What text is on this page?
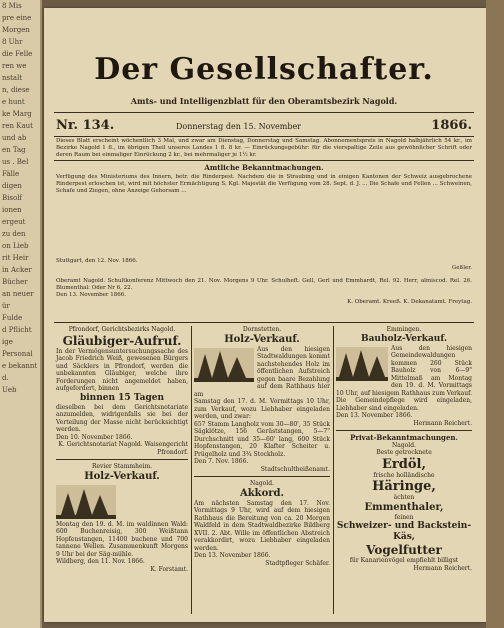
8 Mis
pre eine
Morgen
8 Uhr
die Felle
ren we
nstalt
n, diese
e hunt
ke Marg
ren Kaut
und ab
en Tag
us . Bel
Fälle
digen
Bisolf
ionen
ergeut
zu den
on Lieb
rit Heir
in Acker
Bücher
an neuer
ür
Fulde
d Pflicht
ige
Personal
e bekannt
d.
Ueb
Der Gesellschafter.
Amts- und Intelligenzblatt für den Oberamtsbezirk Nagold.
Nr. 134.	Donnerstag den 15. November	1866.
Dieses Blatt erscheint wöchentlich 3 Mal, und zwar am Dienstag, Donnerstag und Samstag. Abonnementspreis in Nagold halbjährlich 54 kr., im Bezirke Nagold 1 fl., im übrigen Theil unseres Landes 1 fl. 8 kr. — Einrückungsgebühr: für die vierspaltige Zeile aus gewöhnlicher Schrift oder deren Raum bei einmaliger Einrückung 2 kr., bei mehrmaliger je 1½ kr.
Amtliche Bekanntmachungen.
Verfügung des Ministeriums des Innern, betr. die Rinderpest. Nachdem die in Straubing und in einigen Kantonen der Schweiz ausgebrochene Rinderpest erloschen ist, wird mit höchster Ermächtigung S. Kgl. Majestät die Verfügung vom 28. Sept. d. J. ... Die Schafe und Fellen ... Schweinen, Schafe und Ziegen, ohne Anzeige Gehorsam ...
Stuttgart, den 12. Nov. 1866.
Geßler.
Oberamt Nagold. Schultkonferenz Mittwoch den 21. Nov. Morgens 9 Uhr. Schulheft. Gell, Gerl und Emmhardt, Rel. 92. Herr, almiscod. Rel. 26. Blumenthal: Oder Nr 6, 22.
Den 13. November 1866.
K. Oberamt. Kreeß. K. Dekanatamt. Freytag.
Pfrondorf, Gerichtsbezirks Nagold.
Gläubiger-Aufruf.
In der Vermögensuntersuchungssache des Jacob Friedrich Weiß, gewesenen Bürgers und Säcklers in Pfrondorf, werden die unbekannten Gläubiger, welche ihre Forderungen nicht angemeldet haben, aufgefordert, binnen
binnen 15 Tagen
dieselben bei dem Gerichtsnotariate anzumelden, widrigenfalls sie bei der Verteilung der Masse nicht berücksichtigt werden.
Den 10. November 1866.
K. Gerichtsnotariat Nagold. Waisengericht Pfrondorf.
Revier Stammheim.
Holz-Verkauf.
Montag den 19. d. M. im waldinnen Wald: 600 Buchenreisig, 300 Weißtann Hopfenstangen, 11400 buchene und 700 tannene Wellen. Zusammenkunft Morgens 9 Uhr bei der Säg-mühle.
Wildberg, den 11. Nov. 1866.
K. Forstamt.
Dornstetten.
Holz-Verkauf.
Aus den hiesigen Stadtwaldungen kommt nachstehendes Holz im öffentlichen Aufstreich gegen baare Bezahlung auf dem Rathhaus hier am
Samstag den 17. d. M. Vormittags 10 Uhr, zum Verkauf, wozu Liebhaber eingeladen werden, und zwar:
657 Stamm Langholz vom 30—80', 35 Stück Sägklötze, 156 Gerüststangen, 5—7" Durchschnitt und 35—60' lang, 600 Stück Hopfenstangen, 20 Klafter Scheiter u. Prügelholz und 3¾ Stockholz.
Den 7. Nov. 1866.
Stadtschultheißenamt.
Nagold.
Akkord.
Am nächsten Samstag den 17. Nov. Vormittags 9 Uhr, wird auf dem hiesigen Rathhaus die Bereitung von ca. 20 Morgen Waldfeld in dem Stadtwaldbezirke Bildberg XVII. 2. Abt. Wille im öffentlichen Abstreich verakkordirt, wozu Liebhaber eingeladen werden.
Den 13. November 1866.
Stadtpfleger Schäfer.
Emmingen.
Bauholz-Verkauf.
Aus den hiesigen Gemeindewaldungen kommen 260 Stück Bauholz von 6—9" Mittelmaß am Montag den 19. d. M. Vormittags 10 Uhr, auf hiesigem Rathhaus zum Verkauf. Die Gemeindepflege wird eingeladen, Liebhaber sind eingeladen.
Den 13. November 1866.
Hermann Reichert.
Privat-Bekanntmachungen.
Nagold.
Beste getrocknete
Erdöl,
frische holländische
Häringe,
ächten
Emmenthaler,
feinen
Schweizer- und Backstein-Käs,
Vogelfutter
für Kanarienvögel empfiehlt billigst
Hermann Reichert.
